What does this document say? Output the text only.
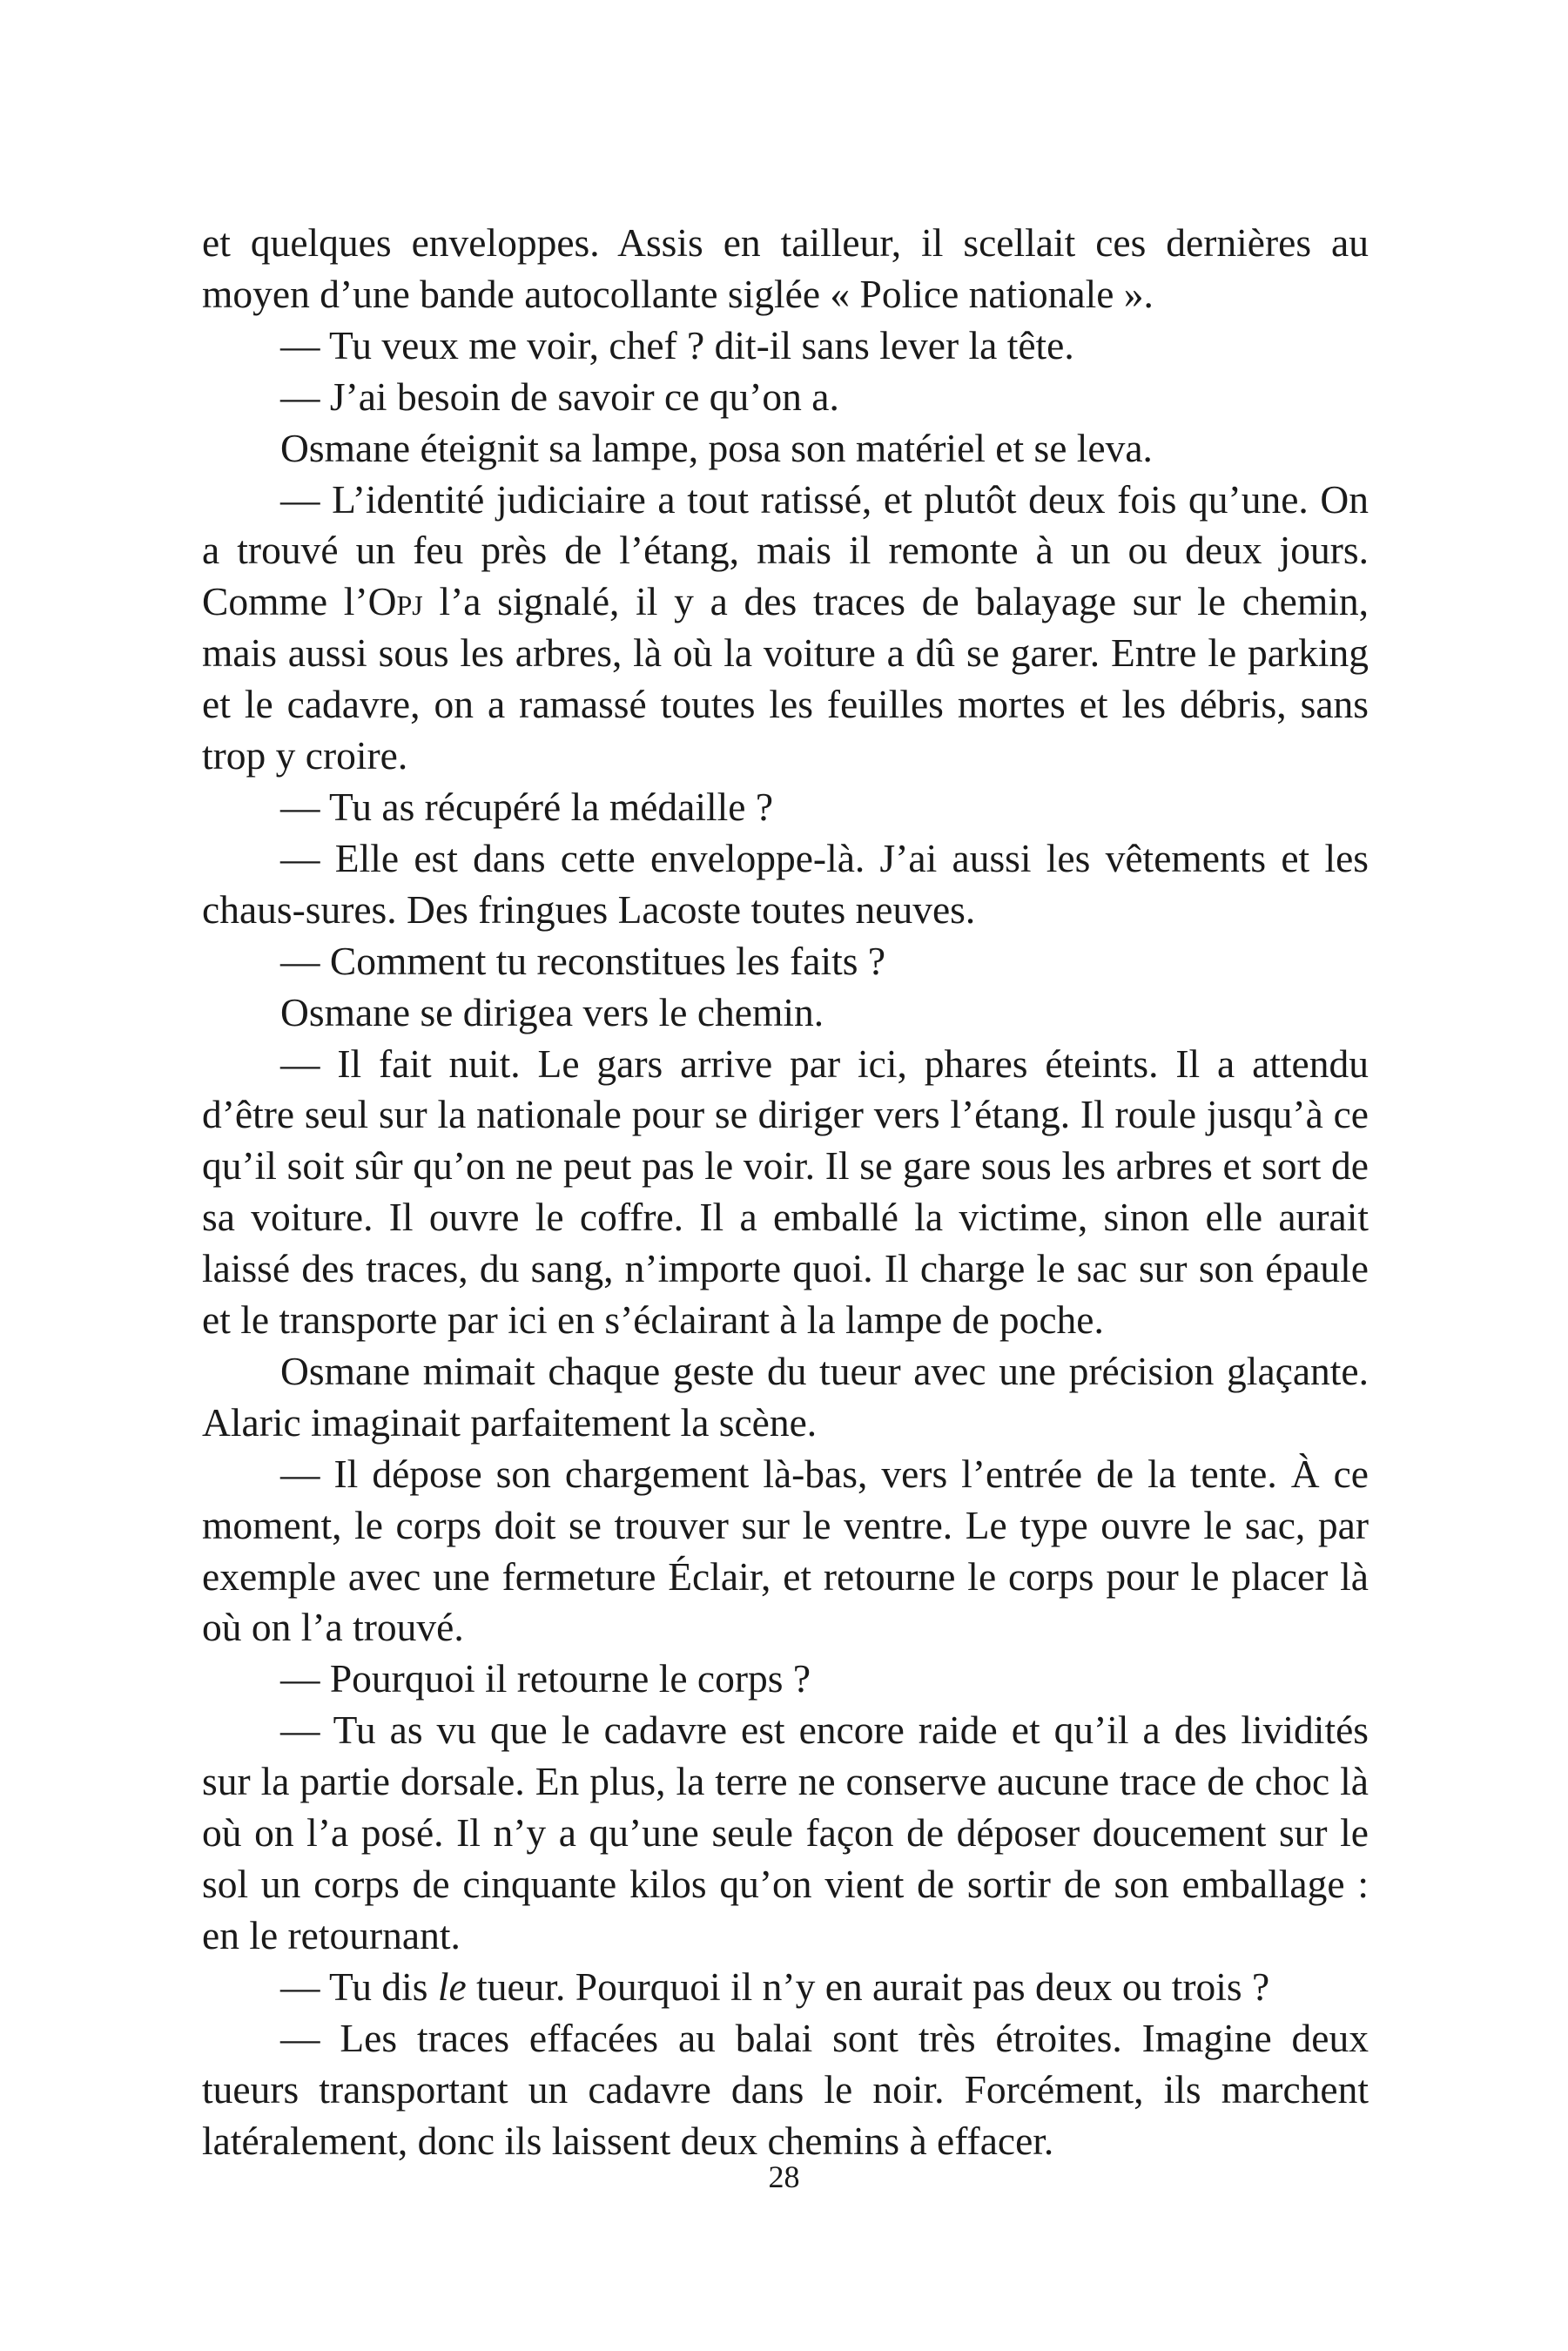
et quelques enveloppes. Assis en tailleur, il scellait ces dernières au moyen d’une bande autocollante siglée « Police nationale ».

— Tu veux me voir, chef ? dit-il sans lever la tête.

— J’ai besoin de savoir ce qu’on a.

Osmane éteignit sa lampe, posa son matériel et se leva.

— L’identité judiciaire a tout ratissé, et plutôt deux fois qu’une. On a trouvé un feu près de l’étang, mais il remonte à un ou deux jours. Comme l’Opj l’a signalé, il y a des traces de balayage sur le chemin, mais aussi sous les arbres, là où la voiture a dû se garer. Entre le parking et le cadavre, on a ramassé toutes les feuilles mortes et les débris, sans trop y croire.

— Tu as récupéré la médaille ?

— Elle est dans cette enveloppe-là. J’ai aussi les vêtements et les chaus-sures. Des fringues Lacoste toutes neuves.

— Comment tu reconstitues les faits ?

Osmane se dirigea vers le chemin.

— Il fait nuit. Le gars arrive par ici, phares éteints. Il a attendu d’être seul sur la nationale pour se diriger vers l’étang. Il roule jusqu’à ce qu’il soit sûr qu’on ne peut pas le voir. Il se gare sous les arbres et sort de sa voiture. Il ouvre le coffre. Il a emballé la victime, sinon elle aurait laissé des traces, du sang, n’importe quoi. Il charge le sac sur son épaule et le transporte par ici en s’éclairant à la lampe de poche.

Osmane mimait chaque geste du tueur avec une précision glaçante. Alaric imaginait parfaitement la scène.

— Il dépose son chargement là-bas, vers l’entrée de la tente. À ce moment, le corps doit se trouver sur le ventre. Le type ouvre le sac, par exemple avec une fermeture Éclair, et retourne le corps pour le placer là où on l’a trouvé.

— Pourquoi il retourne le corps ?

— Tu as vu que le cadavre est encore raide et qu’il a des lividités sur la partie dorsale. En plus, la terre ne conserve aucune trace de choc là où on l’a posé. Il n’y a qu’une seule façon de déposer doucement sur le sol un corps de cinquante kilos qu’on vient de sortir de son emballage : en le retournant.

— Tu dis le tueur. Pourquoi il n’y en aurait pas deux ou trois ?

— Les traces effacées au balai sont très étroites. Imagine deux tueurs transportant un cadavre dans le noir. Forcément, ils marchent latéralement, donc ils laissent deux chemins à effacer.

28
